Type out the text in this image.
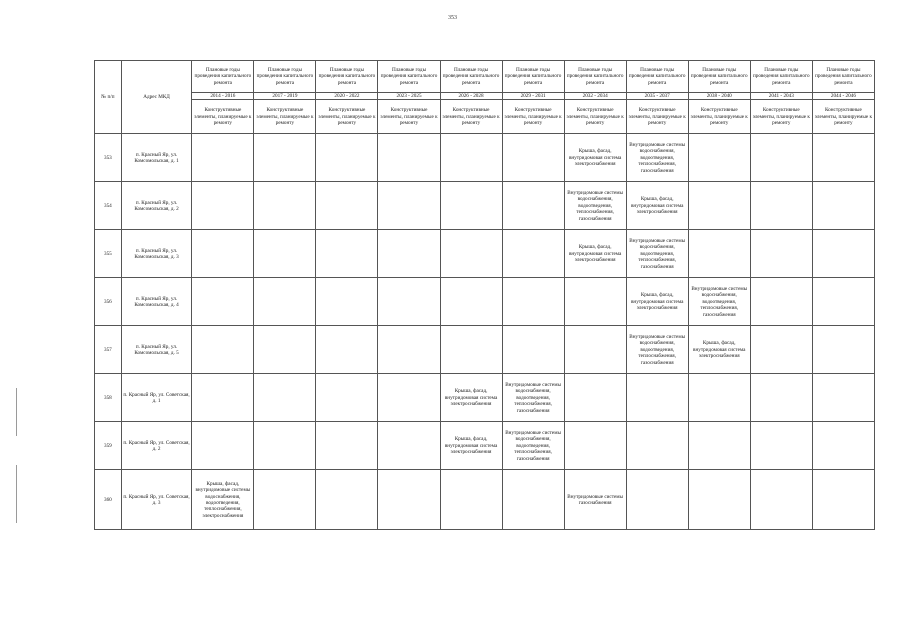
353
№ п/п	Адрес МКД	Плановые годы проведения капитального ремонта	Плановые годы проведения капитального ремонта	Плановые годы проведения капитального ремонта	Плановые годы проведения капитального ремонта	Плановые годы проведения капитального ремонта	Плановые годы проведения капитального ремонта	Плановые годы проведения капитального ремонта	Плановые годы проведения капитального ремонта	Плановые годы проведения капитального ремонта	Плановые годы проведения капитального ремонта	Плановые годы проведения капитального ремонта
		2014 - 2016	2017 - 2019	2020 - 2022	2023 - 2025	2026 - 2028	2029 - 2031	2032 - 2034	2035 - 2037	2038 - 2040	2041 - 2043	2044 - 2046
		Конструктивные элементы, планируемые к ремонту	Конструктивные элементы, планируемые к ремонту	Конструктивные элементы, планируемые к ремонту	Конструктивные элементы, планируемые к ремонту	Конструктивные элементы, планируемые к ремонту	Конструктивные элементы, планируемые к ремонту	Конструктивные элементы, планируемые к ремонту	Конструктивные элементы, планируемые к ремонту	Конструктивные элементы, планируемые к ремонту	Конструктивные элементы, планируемые к ремонту	Конструктивные элементы, планируемые к ремонту
353	п. Красный Яр, ул. Комсомольская, д. 1							Крыша, фасад, внутридомовая система электроснабжения	Внутридомовые системы водоснабжения, водоотведения, теплоснабжения, газоснабжения			
354	п. Красный Яр, ул. Комсомольская, д. 2							Внутридомовые системы водоснабжения, водоотведения, теплоснабжения, газоснабжения	Крыша, фасад, внутридомовая система электроснабжения			
355	п. Красный Яр, ул. Комсомольская, д. 3							Крыша, фасад, внутридомовая система электроснабжения	Внутридомовые системы водоснабжения, водоотведения, теплоснабжения, газоснабжения			
356	п. Красный Яр, ул. Комсомольская, д. 4								Крыша, фасад, внутридомовая система электроснабжения	Внутридомовые системы водоснабжения, водоотведения, теплоснабжения, газоснабжения		
357	п. Красный Яр, ул. Комсомольская, д. 5								Внутридомовые системы водоснабжения, водоотведения, теплоснабжения, газоснабжения	Крыша, фасад, внутридомовая система электроснабжения		
358	п. Красный Яр, ул. Советская, д. 1					Крыша, фасад, внутридомовая система электроснабжения	Внутридомовые системы водоснабжения, водоотведения, теплоснабжения, газоснабжения					
359	п. Красный Яр, ул. Советская, д. 2					Крыша, фасад, внутридомовая система электроснабжения	Внутридомовые системы водоснабжения, водоотведения, теплоснабжения, газоснабжения					
360	п. Красный Яр, ул. Советская, д. 3	Крыша, фасад, внутридомовые системы водоснабжения, водоотведения, теплоснабжения, электроснабжения						Внутридомовые системы газоснабжения				
